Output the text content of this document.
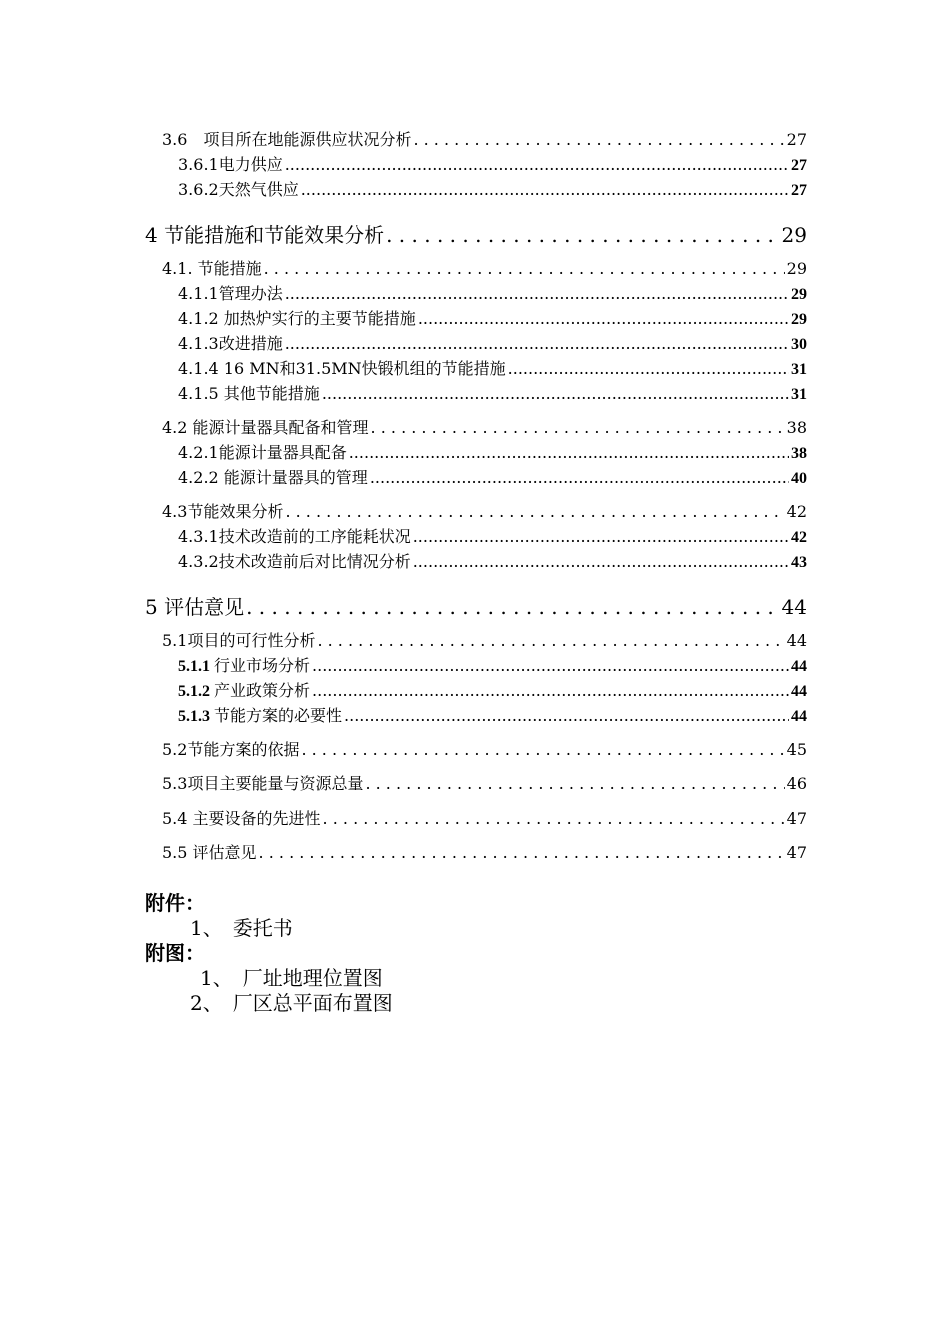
3.6　项目所在地能源供应状况分析 . . .	27
3.6.1电力供应 .....	27
3.6.2天然气供应 .....	27
4 节能措施和节能效果分析 . . .	29
4.1. 节能措施 . . .	29
4.1.1管理办法 .....	29
4.1.2 加热炉实行的主要节能措施 .....	29
4.1.3改进措施 .....	30
4.1.4 16 MN和31.5MN快锻机组的节能措施 .....	31
4.1.5 其他节能措施 .....	31
4.2 能源计量器具配备和管理 . . .	38
4.2.1能源计量器具配备 .....	38
4.2.2 能源计量器具的管理 .....	40
4.3节能效果分析 . . .	42
4.3.1技术改造前的工序能耗状况 .....	42
4.3.2技术改造前后对比情况分析 .....	43
5 评估意见 . . .	44
5.1项目的可行性分析 . . .	44
5.1.1 行业市场分析 .....	44
5.1.2 产业政策分析 .....	44
5.1.3 节能方案的必要性 .....	44
5.2节能方案的依据 . . .	45
5.3项目主要能量与资源总量 . . .	46
5.4 主要设备的先进性 . . .	47
5.5 评估意见 . . .	47
附件：
1、　委托书
附图：
1、　厂址地理位置图
2、　厂区总平面布置图
